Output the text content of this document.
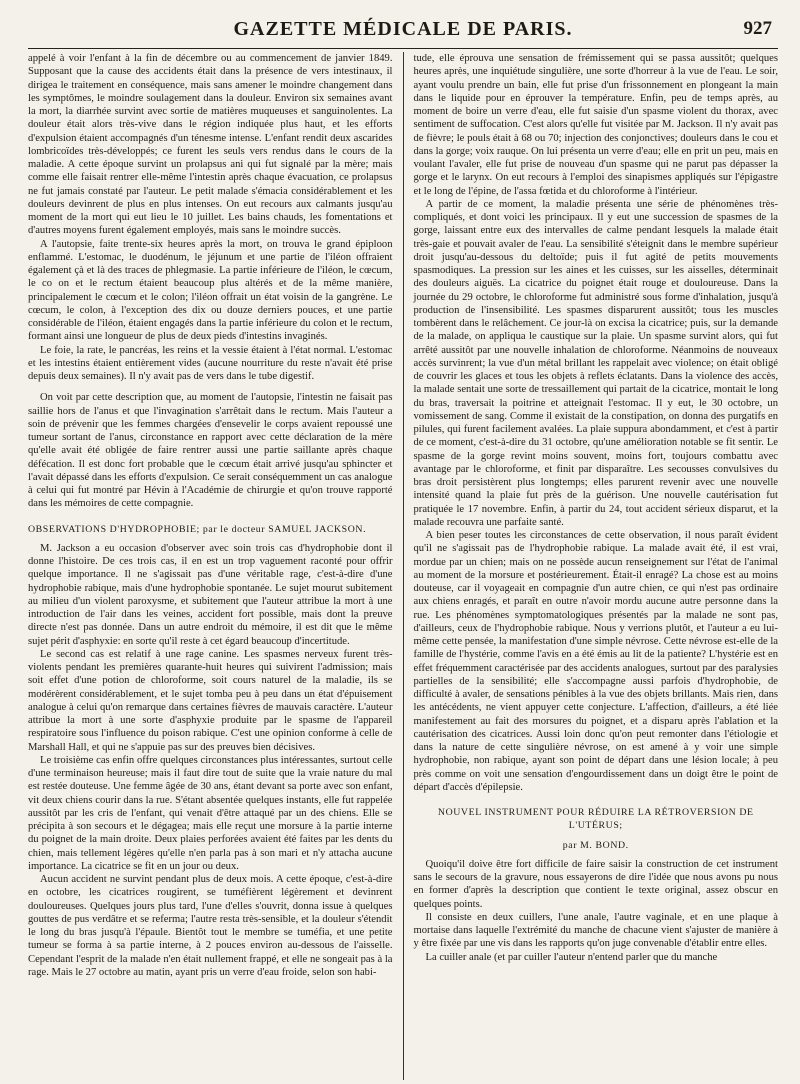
GAZETTE MÉDICALE DE PARIS.	927

appelé à voir l'enfant à la fin de décembre ou au commencement de janvier 1849. Supposant que la cause des accidents était dans la présence de vers intestinaux, il dirigea le traitement en conséquence, mais sans amener le moindre changement dans les symptômes, le moindre soulagement dans la douleur. Environ six semaines avant la mort, la diarrhée survint avec sortie de matières muqueuses et sanguinolentes. La douleur était alors très-vive dans le région indiquée plus haut, et les efforts d'expulsion étaient accompagnés d'un ténesme intense. L'enfant rendit deux ascarides lombricoïdes très-développés; ce furent les seuls vers rendus dans le cours de la maladie. A cette époque survint un prolapsus ani qui fut signalé par la mère; mais comme elle faisait rentrer elle-même l'intestin après chaque évacuation, ce prolapsus ne fut jamais constaté par l'auteur. Le petit malade s'émacia considérablement et les douleurs devinrent de plus en plus intenses. On eut recours aux calmants jusqu'au moment de la mort qui eut lieu le 10 juillet. Les bains chauds, les fomentations et d'autres moyens furent également employés, mais sans le moindre succès.

A l'autopsie, faite trente-six heures après la mort, on trouva le grand épiploon enflammé. L'estomac, le duodénum, le jéjunum et une partie de l'iléon offraient également çà et là des traces de phlegmasie. La partie inférieure de l'iléon, le cœcum, le co on et le rectum étaient beaucoup plus altérés et de la même manière, principalement le cœcum et le colon; l'iléon offrait un état voisin de la gangrène. Le cœcum, le colon, à l'exception des dix ou douze derniers pouces, et une partie considérable de l'iléon, étaient engagés dans la partie inférieure du colon et le rectum, formant ainsi une longueur de plus de deux pieds d'intestins invaginés.

Le foie, la rate, le pancréas, les reins et la vessie étaient à l'état normal. L'estomac et les intestins étaient entièrement vides (aucune nourriture du reste n'avait été prise depuis deux semaines). Il n'y avait pas de vers dans le tube digestif.

On voit par cette description que, au moment de l'autopsie, l'intestin ne faisait pas saillie hors de l'anus et que l'invagination s'arrêtait dans le rectum. Mais l'auteur a soin de prévenir que les femmes chargées d'ensevelir le corps avaient repoussé une tumeur sortant de l'anus, circonstance en rapport avec cette déclaration de la mère qu'elle avait été obligée de faire rentrer aussi une partie saillante après chaque défécation. Il est donc fort probable que le cœcum était arrivé jusqu'au sphincter et l'avait dépassé dans les efforts d'expulsion. Ce serait conséquemment un cas analogue à celui qui fut montré par Hévin à l'Académie de chirurgie et qu'on trouve rapporté dans les mémoires de cette compagnie.

OBSERVATIONS D'HYDROPHOBIE; par le docteur SAMUEL JACKSON.

M. Jackson a eu occasion d'observer avec soin trois cas d'hydrophobie dont il donne l'histoire. De ces trois cas, il en est un trop vaguement raconté pour offrir quelque importance. Il ne s'agissait pas d'une véritable rage, c'est-à-dire d'une hydrophobie rabique, mais d'une hydrophobie spontanée. Le sujet mourut subitement au milieu d'un violent paroxysme, et subitement que l'auteur attribue la mort à une introduction de l'air dans les veines, accident fort possible, mais dont la preuve directe n'est pas donnée. Dans un autre endroit du mémoire, il est dit que le même sujet périt d'asphyxie: en sorte qu'il reste à cet égard beaucoup d'incertitude.

Le second cas est relatif à une rage canine. Les spasmes nerveux furent très-violents pendant les premières quarante-huit heures qui suivirent l'admission; mais soit effet d'une potion de chloroforme, soit cours naturel de la maladie, ils se modérèrent considérablement, et le sujet tomba peu à peu dans un état d'épuisement analogue à celui qu'on remarque dans certaines fièvres de mauvais caractère. L'auteur attribue la mort à une sorte d'asphyxie produite par le spasme de l'appareil respiratoire sous l'influence du poison rabique. C'est une opinion conforme à celle de Marshall Hall, et qui ne s'appuie pas sur des preuves bien décisives.

Le troisième cas enfin offre quelques circonstances plus intéressantes, surtout celle d'une terminaison heureuse; mais il faut dire tout de suite que la vraie nature du mal est restée douteuse. Une femme âgée de 30 ans, étant devant sa porte avec son enfant, vit deux chiens courir dans la rue. S'étant absentée quelques instants, elle fut rappelée aussitôt par les cris de l'enfant, qui venait d'être attaqué par un des chiens. Elle se précipita à son secours et le dégagea; mais elle reçut une morsure à la partie interne du poignet de la main droite. Deux plaies perforées avaient été faites par les dents du chien, mais tellement légères qu'elle n'en parla pas à son mari et n'y attacha aucune importance. La cicatrice se fit en un jour ou deux.

Aucun accident ne survint pendant plus de deux mois. A cette époque, c'est-à-dire en octobre, les cicatrices rougirent, se tuméfièrent légèrement et devinrent douloureuses. Quelques jours plus tard, l'une d'elles s'ouvrit, donna issue à quelques gouttes de pus verdâtre et se referma; l'autre resta très-sensible, et la douleur s'étendit le long du bras jusqu'à l'épaule. Bientôt tout le membre se tuméfia, et une petite tumeur se forma à sa partie interne, à 2 pouces environ au-dessous de l'aisselle. Cependant l'esprit de la malade n'en était nullement frappé, et elle ne songeait pas à la rage. Mais le 27 octobre au matin, ayant pris un verre d'eau froide, selon son habi-

tude, elle éprouva une sensation de frémissement qui se passa aussitôt; quelques heures après, une inquiétude singulière, une sorte d'horreur à la vue de l'eau. Le soir, ayant voulu prendre un bain, elle fut prise d'un frissonnement en plongeant la main dans le liquide pour en éprouver la température. Enfin, peu de temps après, au moment de boire un verre d'eau, elle fut saisie d'un spasme violent du thorax, avec sentiment de suffocation. C'est alors qu'elle fut visitée par M. Jackson. Il n'y avait pas de fièvre; le pouls était à 68 ou 70; injection des conjonctives; douleurs dans le cou et dans la gorge; voix rauque. On lui présenta un verre d'eau; elle en prit un peu, mais en voulant l'avaler, elle fut prise de nouveau d'un spasme qui ne parut pas dépasser la gorge et le larynx. On eut recours à l'emploi des sinapismes appliqués sur l'épigastre et le long de l'épine, de l'assa fœtida et du chloroforme à l'intérieur.

A partir de ce moment, la maladie présenta une série de phénomènes très-compliqués, et dont voici les principaux. Il y eut une succession de spasmes de la gorge, laissant entre eux des intervalles de calme pendant lesquels la malade était très-gaie et pouvait avaler de l'eau. La sensibilité s'éteignit dans le membre supérieur droit jusqu'au-dessous du deltoïde; puis il fut agité de petits mouvements spasmodiques. La pression sur les aines et les cuisses, sur les aisselles, déterminait des douleurs aiguës. La cicatrice du poignet était rouge et douloureuse. Dans la journée du 29 octobre, le chloroforme fut administré sous forme d'inhalation, jusqu'à production de l'insensibilité. Les spasmes disparurent aussitôt; tous les muscles tombèrent dans le relâchement. Ce jour-là on excisa la cicatrice; puis, sur la demande de la malade, on appliqua le caustique sur la plaie. Un spasme survint alors, qui fut arrêté aussitôt par une nouvelle inhalation de chloroforme. Néanmoins de nouveaux accès survinrent; la vue d'un métal brillant les rappelait avec violence; on était obligé de couvrir les glaces et tous les objets à reflets éclatants. Dans la violence des accès, la malade sentait une sorte de tressaillement qui partait de la cicatrice, montait le long du bras, traversait la poitrine et atteignait l'estomac. Il y eut, le 30 octobre, un vomissement de sang. Comme il existait de la constipation, on donna des purgatifs en pilules, qui furent facilement avalées. La plaie suppura abondamment, et c'est à partir de ce moment, c'est-à-dire du 31 octobre, qu'une amélioration notable se fit sentir. Le spasme de la gorge revint moins souvent, moins fort, toujours combattu avec avantage par le chloroforme, et finit par disparaître. Les secousses convulsives du bras droit persistèrent plus longtemps; elles parurent revenir avec une nouvelle intensité quand la plaie fut près de la guérison. Une nouvelle cautérisation fut pratiquée le 17 novembre. Enfin, à partir du 24, tout accident sérieux disparut, et la malade recouvra une parfaite santé.

A bien peser toutes les circonstances de cette observation, il nous paraît évident qu'il ne s'agissait pas de l'hydrophobie rabique. La malade avait été, il est vrai, mordue par un chien; mais on ne possède aucun renseignement sur l'état de l'animal au moment de la morsure et postérieurement. Était-il enragé? La chose est au moins douteuse, car il voyageait en compagnie d'un autre chien, ce qui n'est pas ordinaire aux chiens enragés, et paraît en outre n'avoir mordu aucune autre personne dans la rue. Les phénomènes symptomatologiques présentés par la malade ne sont pas, d'ailleurs, ceux de l'hydrophobie rabique. Nous y verrions plutôt, et l'auteur a eu lui-même cette pensée, la manifestation d'une simple névrose. Cette névrose est-elle de la famille de l'hystérie, comme l'avis en a été émis au lit de la patiente? L'hystérie est en effet fréquemment caractérisée par des accidents analogues, surtout par des paralysies partielles de la sensibilité; elle s'accompagne aussi parfois d'hydrophobie, de difficulté à avaler, de sensations pénibles à la vue des objets brillants. Mais rien, dans les antécédents, ne vient appuyer cette conjecture. L'affection, d'ailleurs, a été liée manifestement au fait des morsures du poignet, et a disparu après l'ablation et la cautérisation des cicatrices. Aussi loin donc qu'on peut remonter dans l'étiologie et dans la nature de cette singulière névrose, on est amené à y voir une simple hydrophobie, non rabique, ayant son point de départ dans une lésion locale; à peu près comme on voit une sensation d'engourdissement dans un doigt être le point de départ d'accès d'épilepsie.

NOUVEL INSTRUMENT POUR RÉDUIRE LA RÉTROVERSION DE L'UTÉRUS;
par M. BOND.

Quoiqu'il doive être fort difficile de faire saisir la construction de cet instrument sans le secours de la gravure, nous essayerons de dire l'idée que nous avons pu nous en former d'après la description que contient le texte original, assez obscur en quelques points.

Il consiste en deux cuillers, l'une anale, l'autre vaginale, et en une plaque à mortaise dans laquelle l'extrémité du manche de chacune vient s'ajuster de manière à y être fixée par une vis dans les rapports qu'on juge convenable d'établir entre elles.

La cuiller anale (et par cuiller l'auteur n'entend parler que du manche
